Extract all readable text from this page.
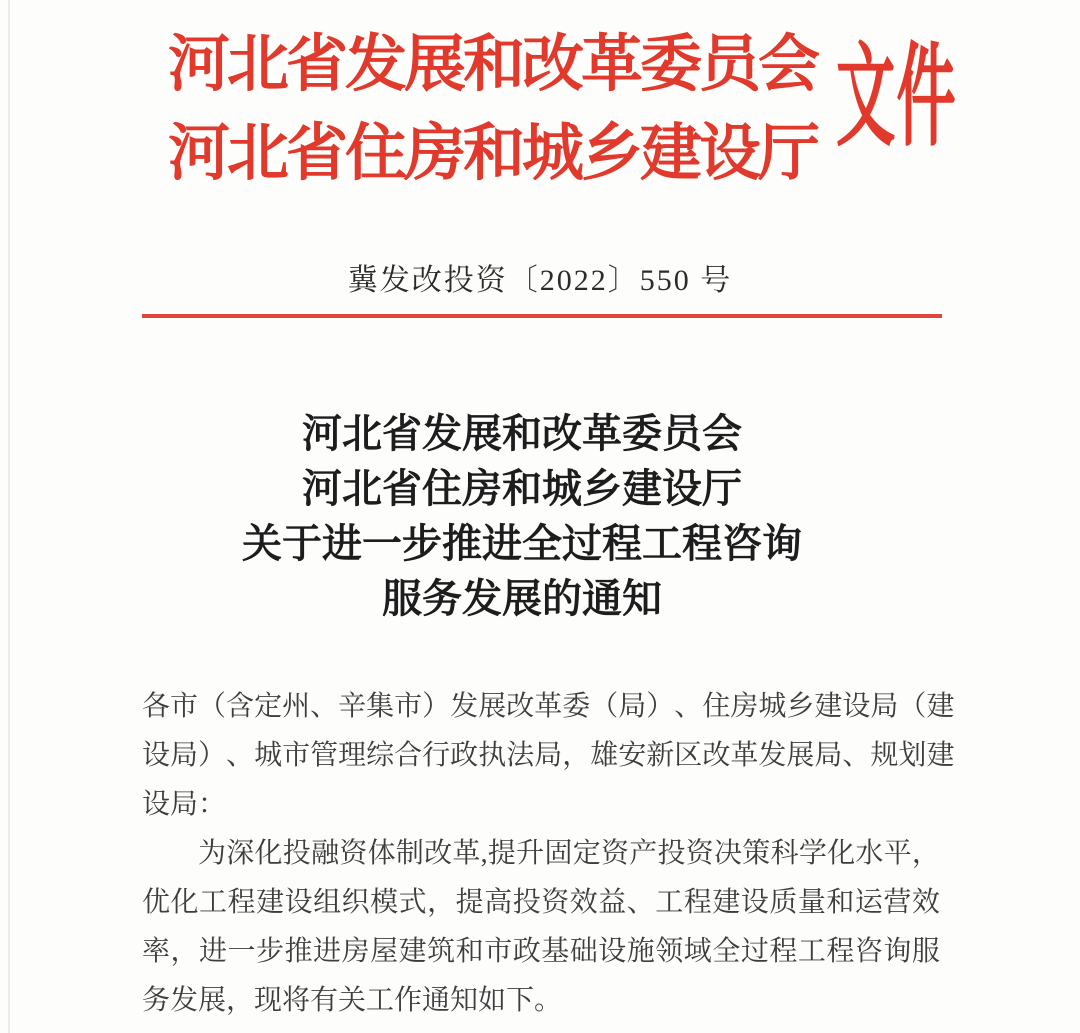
河北省发展和改革委员会
河北省住房和城乡建设厅 文件
冀发改投资〔2022〕550 号
河北省发展和改革委员会
河北省住房和城乡建设厅
关于进一步推进全过程工程咨询
服务发展的通知
各 市 （ 含 定 州 、 辛 集 市 ） 发 展 改 革 委 （ 局 ） 、 住 房 城 乡 建 设 局 （ 建
设 局 ） 、 城 市 管 理 综 合 行 政 执 法 局 ， 雄 安 新 区 改 革 发 展 局 、 规 划 建
设局：
为 深 化 投 融 资 体 制 改 革 , 提 升 固 定 资 产 投 资 决 策 科 学 化 水 平 ，
优 化 工 程 建 设 组 织 模 式 ， 提 高 投 资 效 益 、 工 程 建 设 质 量 和 运 营 效
率 ， 进 一 步 推 进 房 屋 建 筑 和 市 政 基 础 设 施 领 域 全 过 程 工 程 咨 询 服
务发展，现将有关工作通知如下。
